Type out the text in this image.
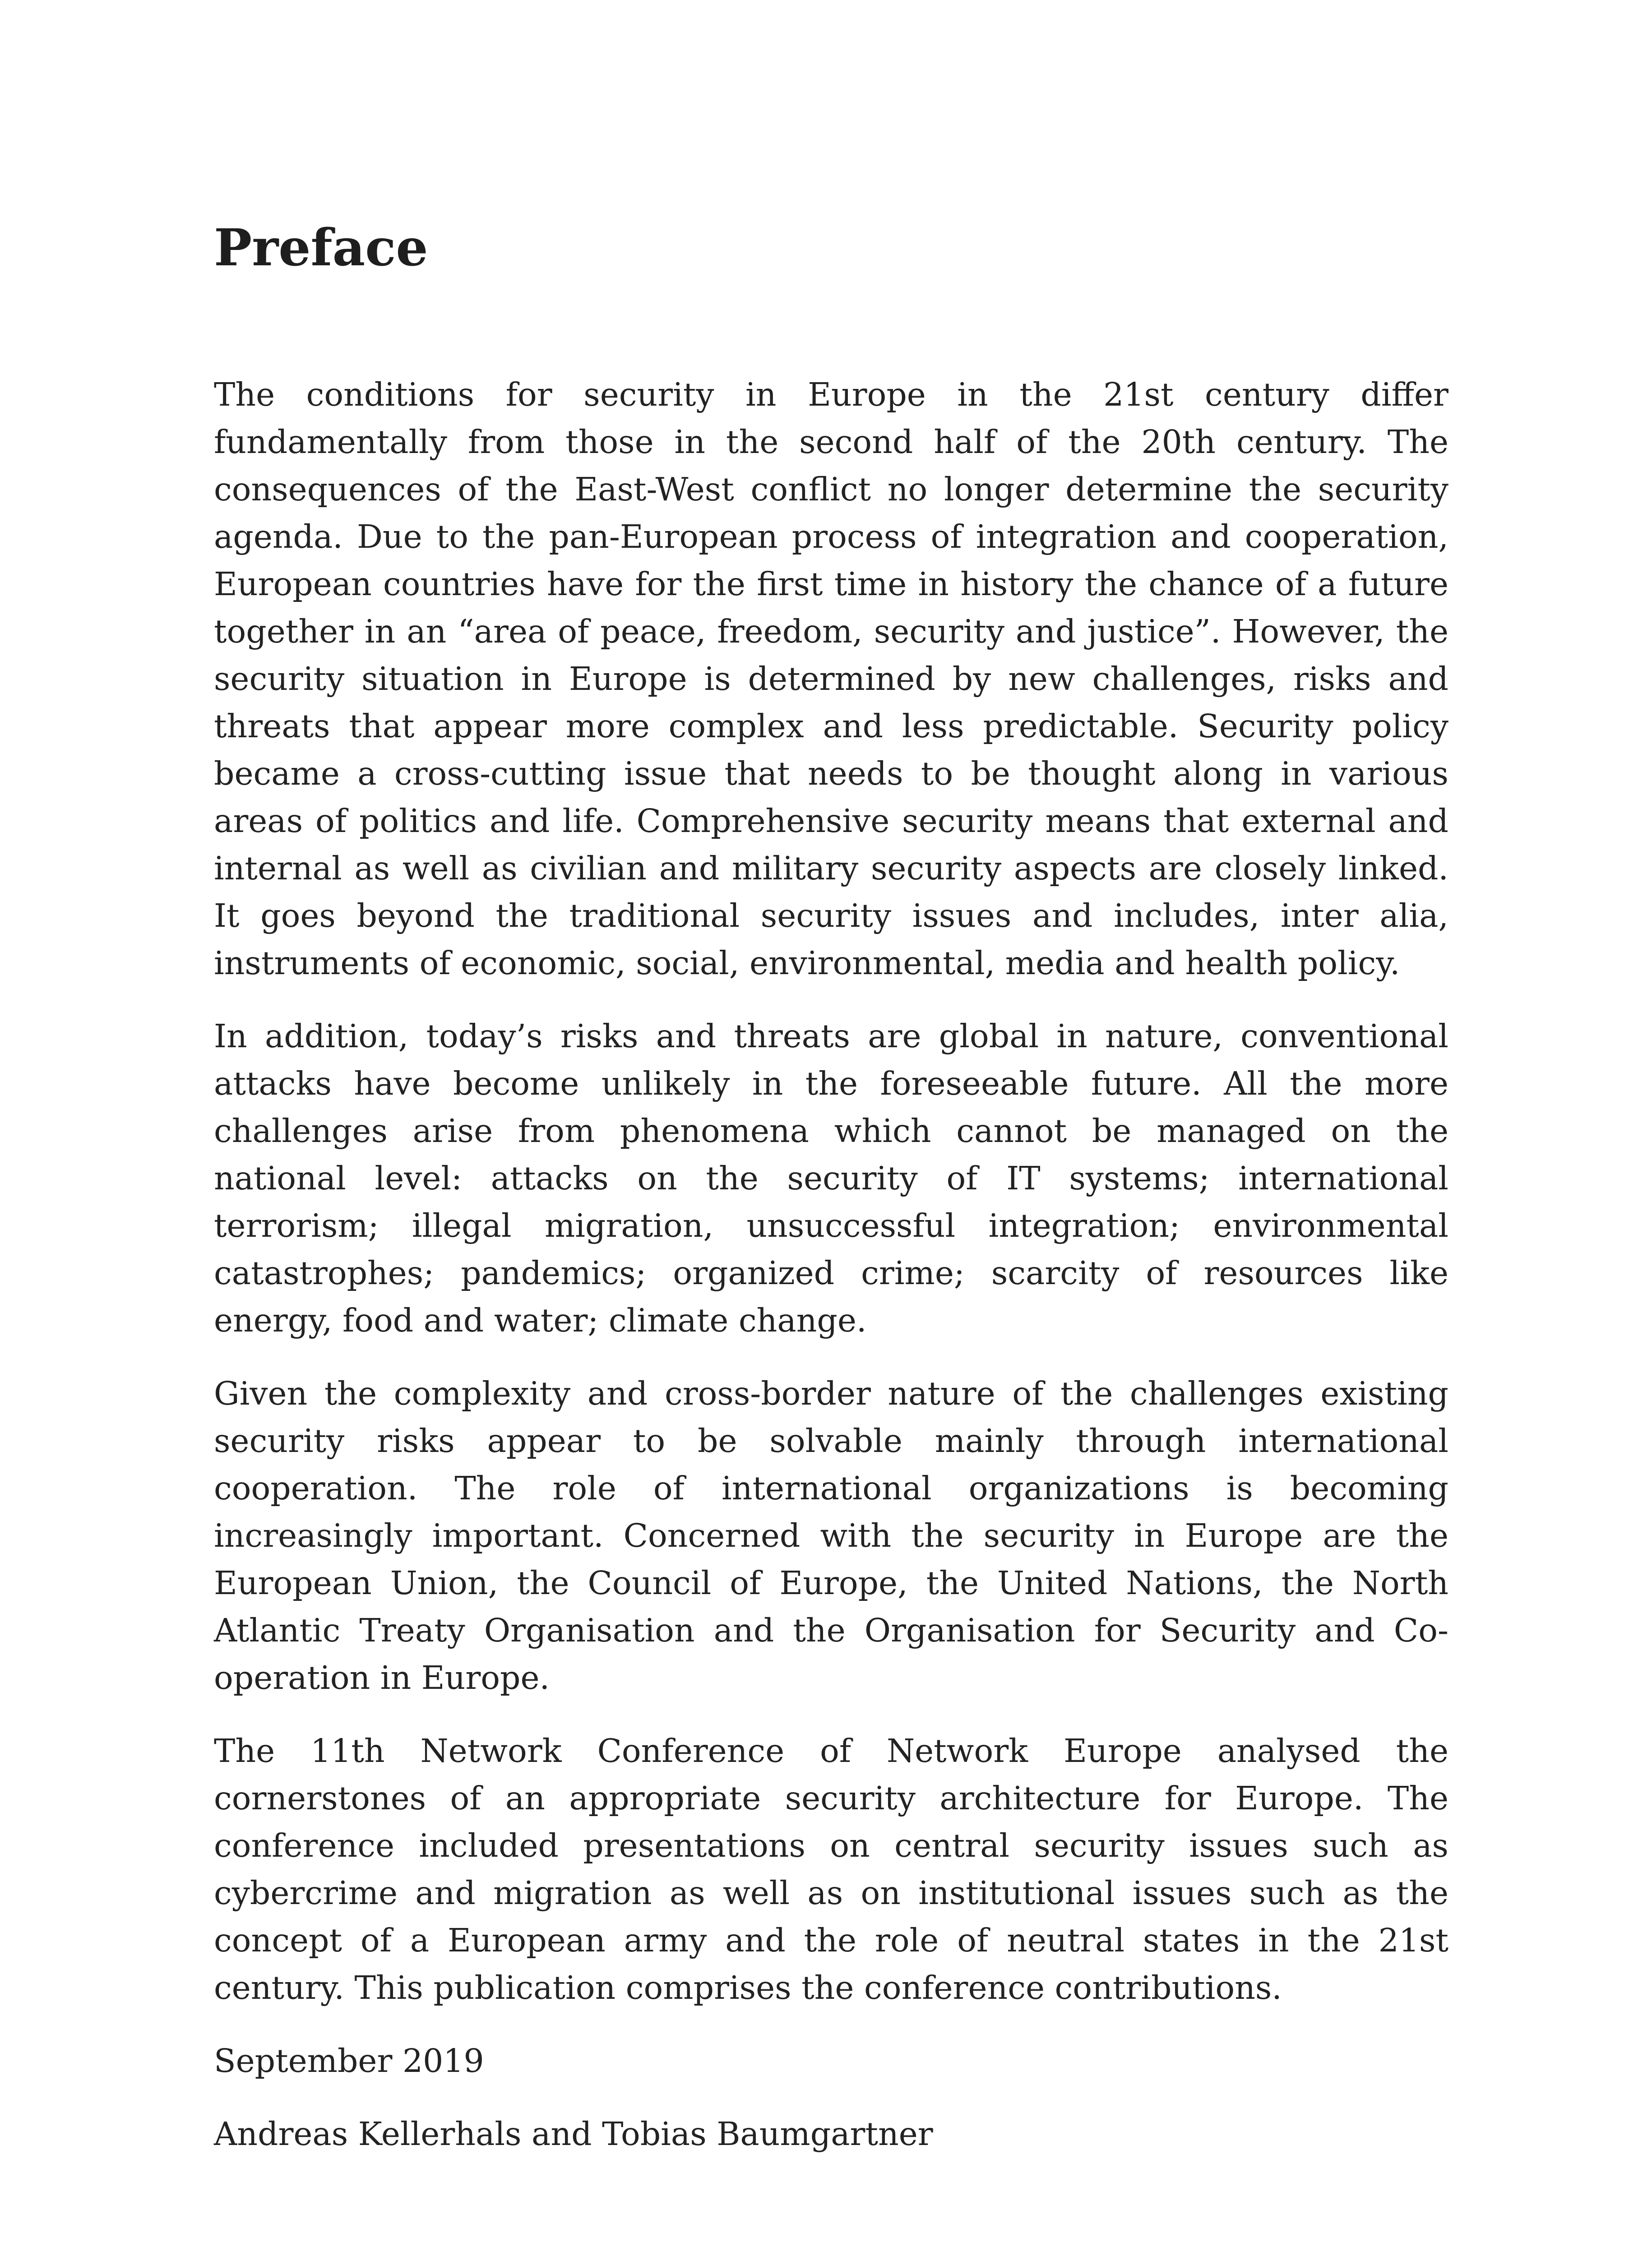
Preface

The conditions for security in Europe in the 21st century differ fundamentally from those in the second half of the 20th century. The consequences of the East-West conflict no longer determine the security agenda. Due to the pan-European process of integration and cooperation, European countries have for the first time in history the chance of a future together in an “area of peace, freedom, security and justice”. However, the security situation in Europe is determined by new challenges, risks and threats that appear more complex and less predictable. Security policy became a cross-cutting issue that needs to be thought along in various areas of politics and life. Comprehensive security means that external and internal as well as civilian and military security aspects are closely linked. It goes beyond the traditional security issues and includes, inter alia, instruments of economic, social, environmental, media and health policy.

In addition, today’s risks and threats are global in nature, conventional attacks have become unlikely in the foreseeable future. All the more challenges arise from phenomena which cannot be managed on the national level: attacks on the security of IT systems; international terrorism; illegal migration, unsuccessful integration; environmental catastrophes; pandemics; organized crime; scarcity of resources like energy, food and water; climate change.

Given the complexity and cross-border nature of the challenges existing security risks appear to be solvable mainly through international cooperation. The role of international organizations is becoming increasingly important. Concerned with the security in Europe are the European Union, the Council of Europe, the United Nations, the North Atlantic Treaty Organisation and the Organisation for Security and Co-operation in Europe.

The 11th Network Conference of Network Europe analysed the cornerstones of an appropriate security architecture for Europe. The conference included presentations on central security issues such as cybercrime and migration as well as on institutional issues such as the concept of a European army and the role of neutral states in the 21st century. This publication comprises the conference contributions.

September 2019

Andreas Kellerhals and Tobias Baumgartner
